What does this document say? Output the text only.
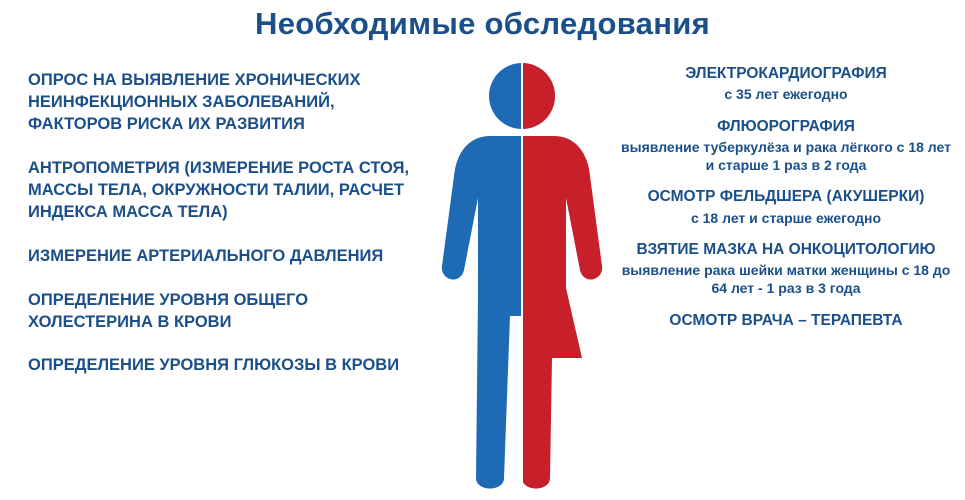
Необходимые обследования
ОПРОС НА ВЫЯВЛЕНИЕ ХРОНИЧЕСКИХ НЕИНФЕКЦИОННЫХ ЗАБОЛЕВАНИЙ, ФАКТОРОВ РИСКА ИХ РАЗВИТИЯ
АНТРОПОМЕТРИЯ (ИЗМЕРЕНИЕ РОСТА СТОЯ, МАССЫ ТЕЛА, ОКРУЖНОСТИ ТАЛИИ, РАСЧЕТ ИНДЕКСА МАССА ТЕЛА)
ИЗМЕРЕНИЕ АРТЕРИАЛЬНОГО ДАВЛЕНИЯ
ОПРЕДЕЛЕНИЕ УРОВНЯ ОБЩЕГО ХОЛЕСТЕРИНА В КРОВИ
ОПРЕДЕЛЕНИЕ УРОВНЯ ГЛЮКОЗЫ В КРОВИ
ЭЛЕКТРОКАРДИОГРАФИЯ
с 35 лет ежегодно
ФЛЮОРОГРАФИЯ
выявление туберкулёза и рака лёгкого с 18 лет и старше 1 раз в 2 года
ОСМОТР ФЕЛЬДШЕРА (АКУШЕРКИ)
с 18 лет и старше ежегодно
ВЗЯТИЕ МАЗКА НА ОНКОЦИТОЛОГИЮ
выявление рака шейки матки женщины с 18 до 64 лет - 1 раз в 3 года
ОСМОТР ВРАЧА – ТЕРАПЕВТА
